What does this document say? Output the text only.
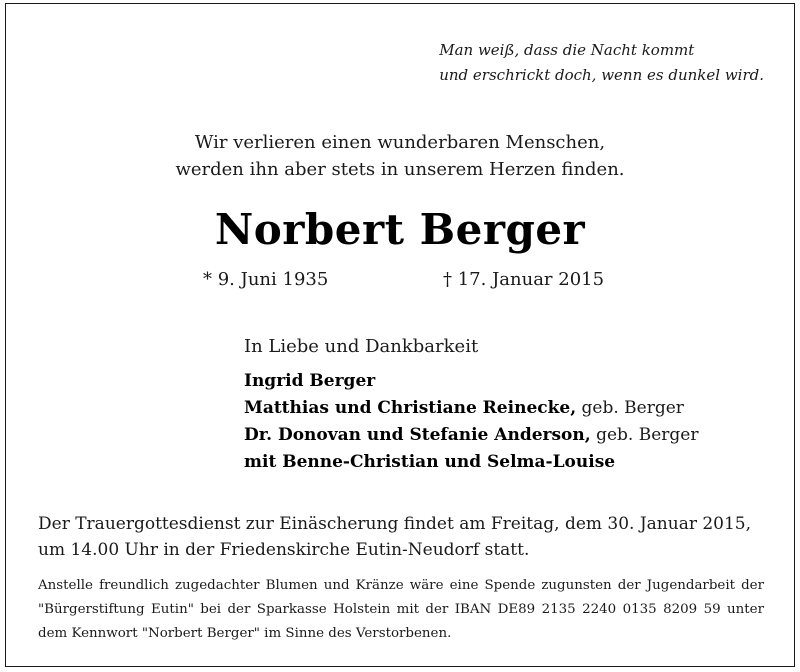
Man weiß, dass die Nacht kommt
und erschrickt doch, wenn es dunkel wird.
Wir verlieren einen wunderbaren Menschen,
werden ihn aber stets in unserem Herzen finden.
Norbert Berger
* 9. Juni 1935	† 17. Januar 2015
In Liebe und Dankbarkeit
Ingrid Berger
Matthias und Christiane Reinecke, geb. Berger
Dr. Donovan und Stefanie Anderson, geb. Berger
mit Benne-Christian und Selma-Louise
Der Trauergottesdienst zur Einäscherung findet am Freitag, dem 30. Januar 2015,
um 14.00 Uhr in der Friedenskirche Eutin-Neudorf statt.
Anstelle freundlich zugedachter Blumen und Kränze wäre eine Spende zugunsten der Jugendarbeit der "Bürgerstiftung Eutin" bei der Sparkasse Holstein mit der IBAN DE89 2135 2240 0135 8209 59 unter dem Kennwort "Norbert Berger" im Sinne des Verstorbenen.
